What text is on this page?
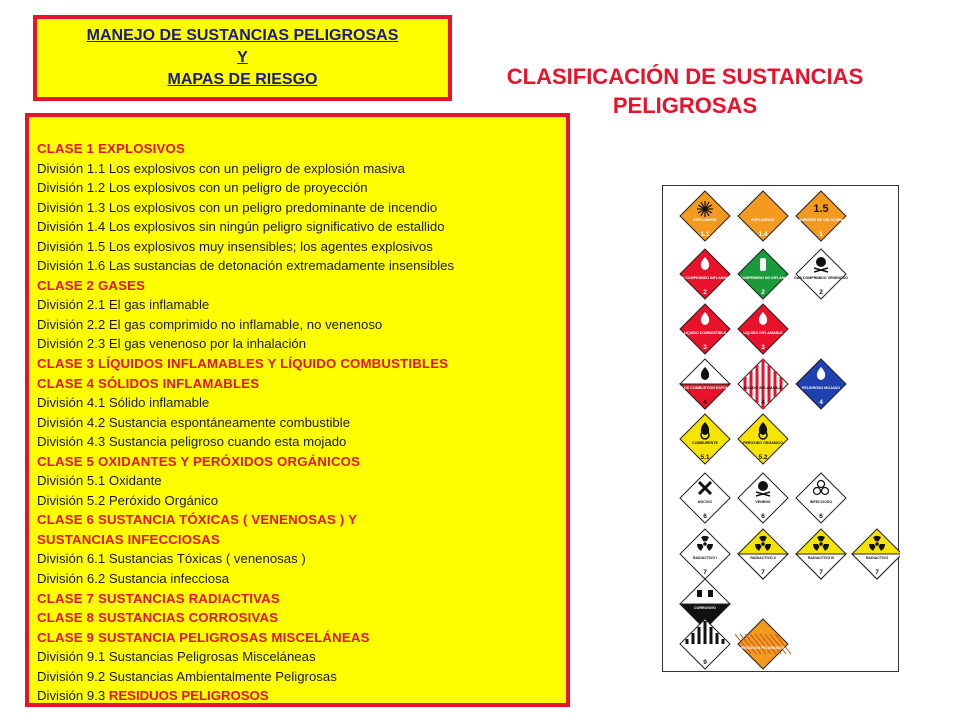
MANEJO DE SUSTANCIAS PELIGROSAS
Y
MAPAS DE RIESGO	CLASIFICACIÓN DE SUSTANCIAS
PELIGROSAS
CLASE 1 EXPLOSIVOS
División 1.1 Los explosivos con un peligro de explosión masiva
División 1.2 Los explosivos con un peligro de proyección
División 1.3 Los explosivos con un peligro predominante de incendio
División 1.4 Los explosivos sin ningún peligro significativo de estallido
División 1.5 Los explosivos muy insensibles; los agentes explosivos
División 1.6 Las sustancias de detonación extremadamente insensibles
CLASE 2 GASES
División 2.1 El gas inflamable
División 2.2 El gas comprimido no inflamable, no venenoso
División 2.3 El gas venenoso por la inhalación
CLASE 3 LÍQUIDOS INFLAMABLES Y LÍQUIDO COMBUSTIBLES
CLASE 4 SÓLIDOS INFLAMABLES
División 4.1 Sólido inflamable
División 4.2 Sustancia espontáneamente combustible
División 4.3 Sustancia peligroso cuando esta mojado
CLASE 5 OXIDANTES Y PERÓXIDOS ORGÁNICOS
División 5.1 Oxidante
División 5.2 Peróxido Orgánico
CLASE 6 SUSTANCIA TÓXICAS ( VENENOSAS ) Y
SUSTANCIAS INFECCIOSAS
División 6.1 Sustancias Tóxicas ( venenosas )
División 6.2 Sustancia infecciosa
CLASE 7 SUSTANCIAS RADIACTIVAS
CLASE 8 SUSTANCIAS CORROSIVAS
CLASE 9 SUSTANCIA PELIGROSAS MISCELÁNEAS
División 9.1 Sustancias Peligrosas Misceláneas
División 9.2 Sustancias Ambientalmente Peligrosas
División 9.3 RESIDUOS PELIGROSOS
EXPLOSIVOS
1.1
EXPLOSIVOS
1.4
1.5
AGENTES DE VOLADURA
1
GAS COMPRIMIDO INFLAMABLE
2
GAS COMPRIMIDO NO INFLAMABLE
2
GAS COMPRIMIDO VENENOSO
2
LIQUIDO COMBUSTIBLE
3
LIQUIDO INFLAMABLE
3
SOLIDO DE COMBUSTION ESPONTANEA
4
SOLIDO INFLAMABLE
4
PELIGROSO MOJADO
4
COMBURENTE
5.1
PEROXIDO ORGANICO
5.2
NOCIVO
6
VENENO
6
INFECCIOSO
6
RADIACTIVO I
7
RADIACTIVO II
7
RADIACTIVO III
7
RADIACTIVO
7
CORROSIVO
9
RESIDUOS PELIGROSOS
